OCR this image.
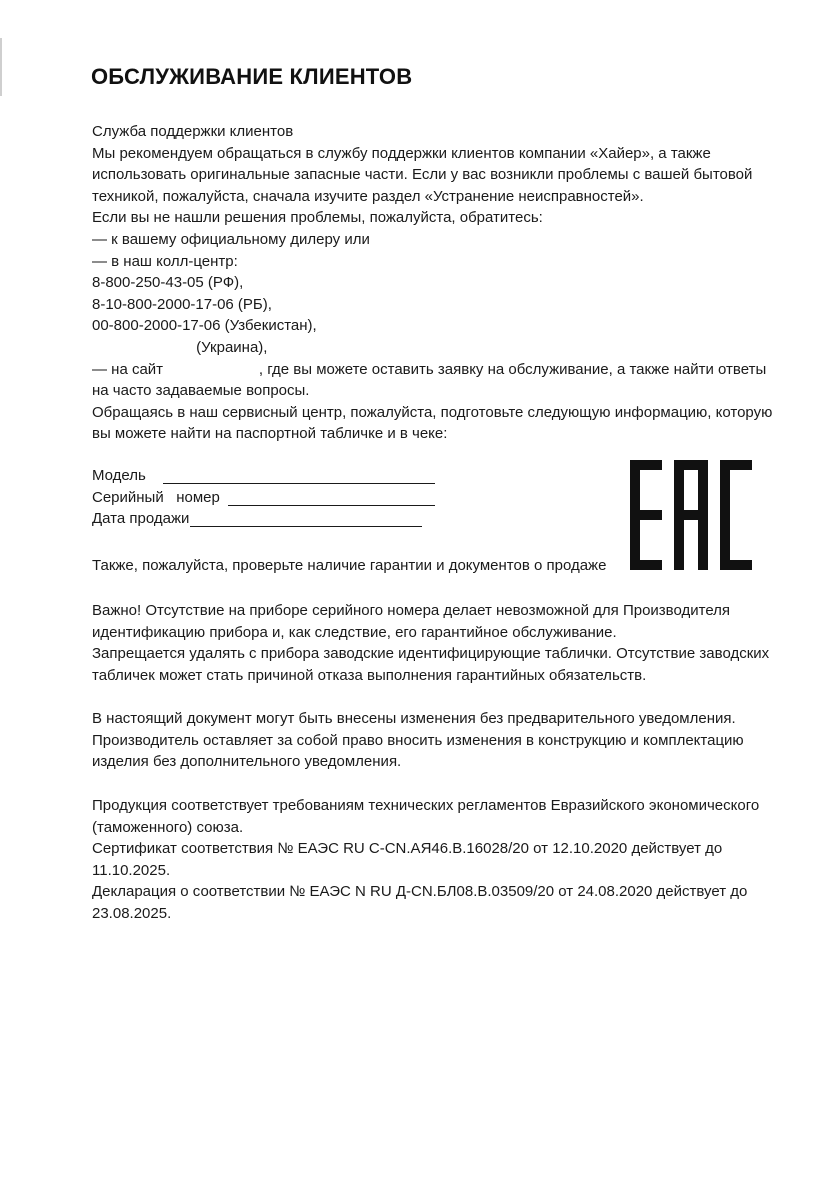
ОБСЛУЖИВАНИЕ КЛИЕНТОВ

Служба поддержки клиентов

Мы рекомендуем обращаться в службу поддержки клиентов компании «Хайер», а также

использовать оригинальные запасные части. Если у вас возникли проблемы с вашей бытовой

техникой, пожалуйста, сначала изучите раздел «Устранение неисправностей».

Если вы не нашли решения проблемы, пожалуйста, обратитесь:

— к вашему официальному дилеру или

— в наш колл-центр:

8-800-250-43-05 (РФ),

8-10-800-2000-17-06 (РБ),

00-800-2000-17-06 (Узбекистан),

(Украина),

— на сайт                       , где вы можете оставить заявку на обслуживание, а также найти ответы

на часто задаваемые вопросы.

Обращаясь в наш сервисный центр, пожалуйста, подготовьте следующую информацию, которую

вы можете найти на паспортной табличке и в чеке:

Модель
Серийный   номер
Дата продажи

Также, пожалуйста, проверьте наличие гарантии и документов о продаже

Важно! Отсутствие на приборе серийного номера делает невозможной для Производителя

идентификацию прибора и, как следствие, его гарантийное обслуживание.

Запрещается удалять с прибора заводские идентифицирующие таблички. Отсутствие заводских

табличек может стать причиной отказа выполнения гарантийных обязательств.

В настоящий документ могут быть внесены изменения без предварительного уведомления.

Производитель оставляет за собой право вносить изменения в конструкцию и комплектацию

изделия без дополнительного уведомления.

Продукция соответствует требованиям технических регламентов Евразийского экономического

(таможенного) союза.

Сертификат соответствия № ЕАЭС RU C-CN.АЯ46.В.16028/20 от 12.10.2020 действует до

11.10.2025.

Декларация о соответствии № ЕАЭС N RU Д-CN.БЛ08.В.03509/20 от 24.08.2020 действует до

23.08.2025.
